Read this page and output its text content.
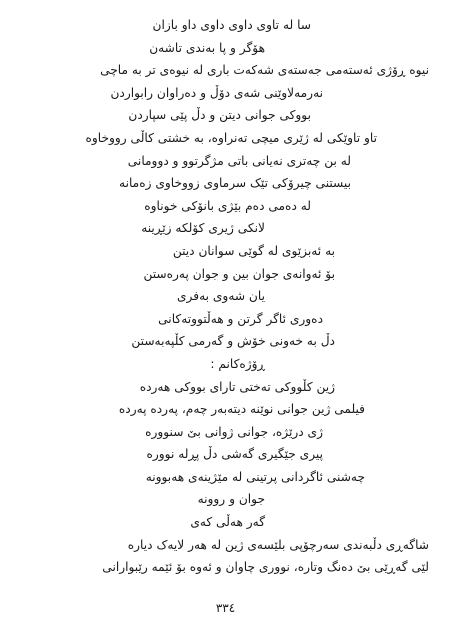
سا لە تاوی داوی داوی داو بازان
هۆگر و پا بەندی تاشەن
نیوە ڕۆژی ئەستەمی جەستەی شەکەت باری لە نیوەی تر بە ماچی
نەرمەلاوێنی شەی دۆڵ و دەراوان رابواردن
بووکی جوانی دیتن و دڵ پێی سپاردن
تاو تاوێکی لە ژێری میچی تەنراوە، بە خشتی کاڵی رووخاوە
لە بن چەتری نەیانی باتی مژگرتوو و دوومانی
بیستنی چیرۆکی تێک سرماوی زووخاوی زەمانە
لە دەمی دەم بێژی بانۆکی خوناوە
لانکی ژیری کۆلکە زێڕینە
بە ئەبزێوی لە گوێی سوانان دیتن
بۆ ئەوانەی جوان بین و جوان پەرەستن
یان شەوی بەفری
دەوری ئاگر گرتن و هەڵتووتەکانی
دڵ بە خەونی خۆش و گەرمی کڵپەبەستن
ڕۆژەکانم :
ژین کڵووکی تەختی تارای بووکی هەردە
فیلمی ژین جوانی نوێنە دیتەبەر چەم، پەردە پەردە
ژی درێژە، جوانی ژوانی بێ سنوورە
پیری جێگیری گەشی دڵ پڕلە نوورە
چەشنی ئاگردانی پرتینی لە مێژینەی هەبوونە
جوان و روونە
گەر هەڵی کەی
شاگەڕی دڵبەندی سەرچۆپی بلێسەی ژین لە هەر لایەک دیارە
لێی گەڕێی بێ دەنگ وتارە، نووری چاوان و ئەوە بۆ ئێمە رێبوارانی
٣٣٤
